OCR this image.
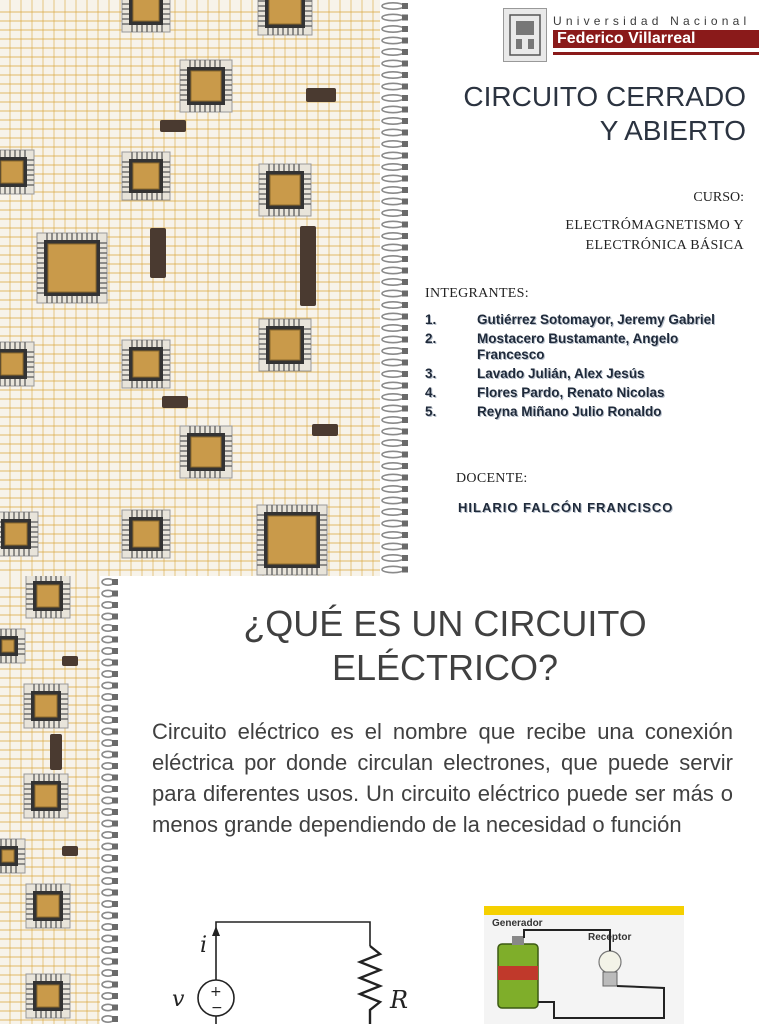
Universidad Nacional
Federico Villarreal
CIRCUITO CERRADO
Y ABIERTO
CURSO:
ELECTRÓMAGNETISMO Y
ELECTRÓNICA BÁSICA
INTEGRANTES:
1.	Gutiérrez Sotomayor, Jeremy Gabriel
2.	Mostacero Bustamante, Angelo Francesco
3.	Lavado Julián, Alex Jesús
4.	Flores Pardo, Renato Nicolas
5.	Reyna Miñano Julio Ronaldo
DOCENTE:
HILARIO FALCÓN FRANCISCO
¿QUÉ ES UN CIRCUITO
ELÉCTRICO?

Circuito eléctrico es el nombre que recibe una conexión eléctrica por donde circulan electrones, que puede servir para diferentes usos. Un circuito eléctrico puede ser más o menos grande dependiendo de la necesidad o función

i
+
−
v	R
Generador
Receptor
